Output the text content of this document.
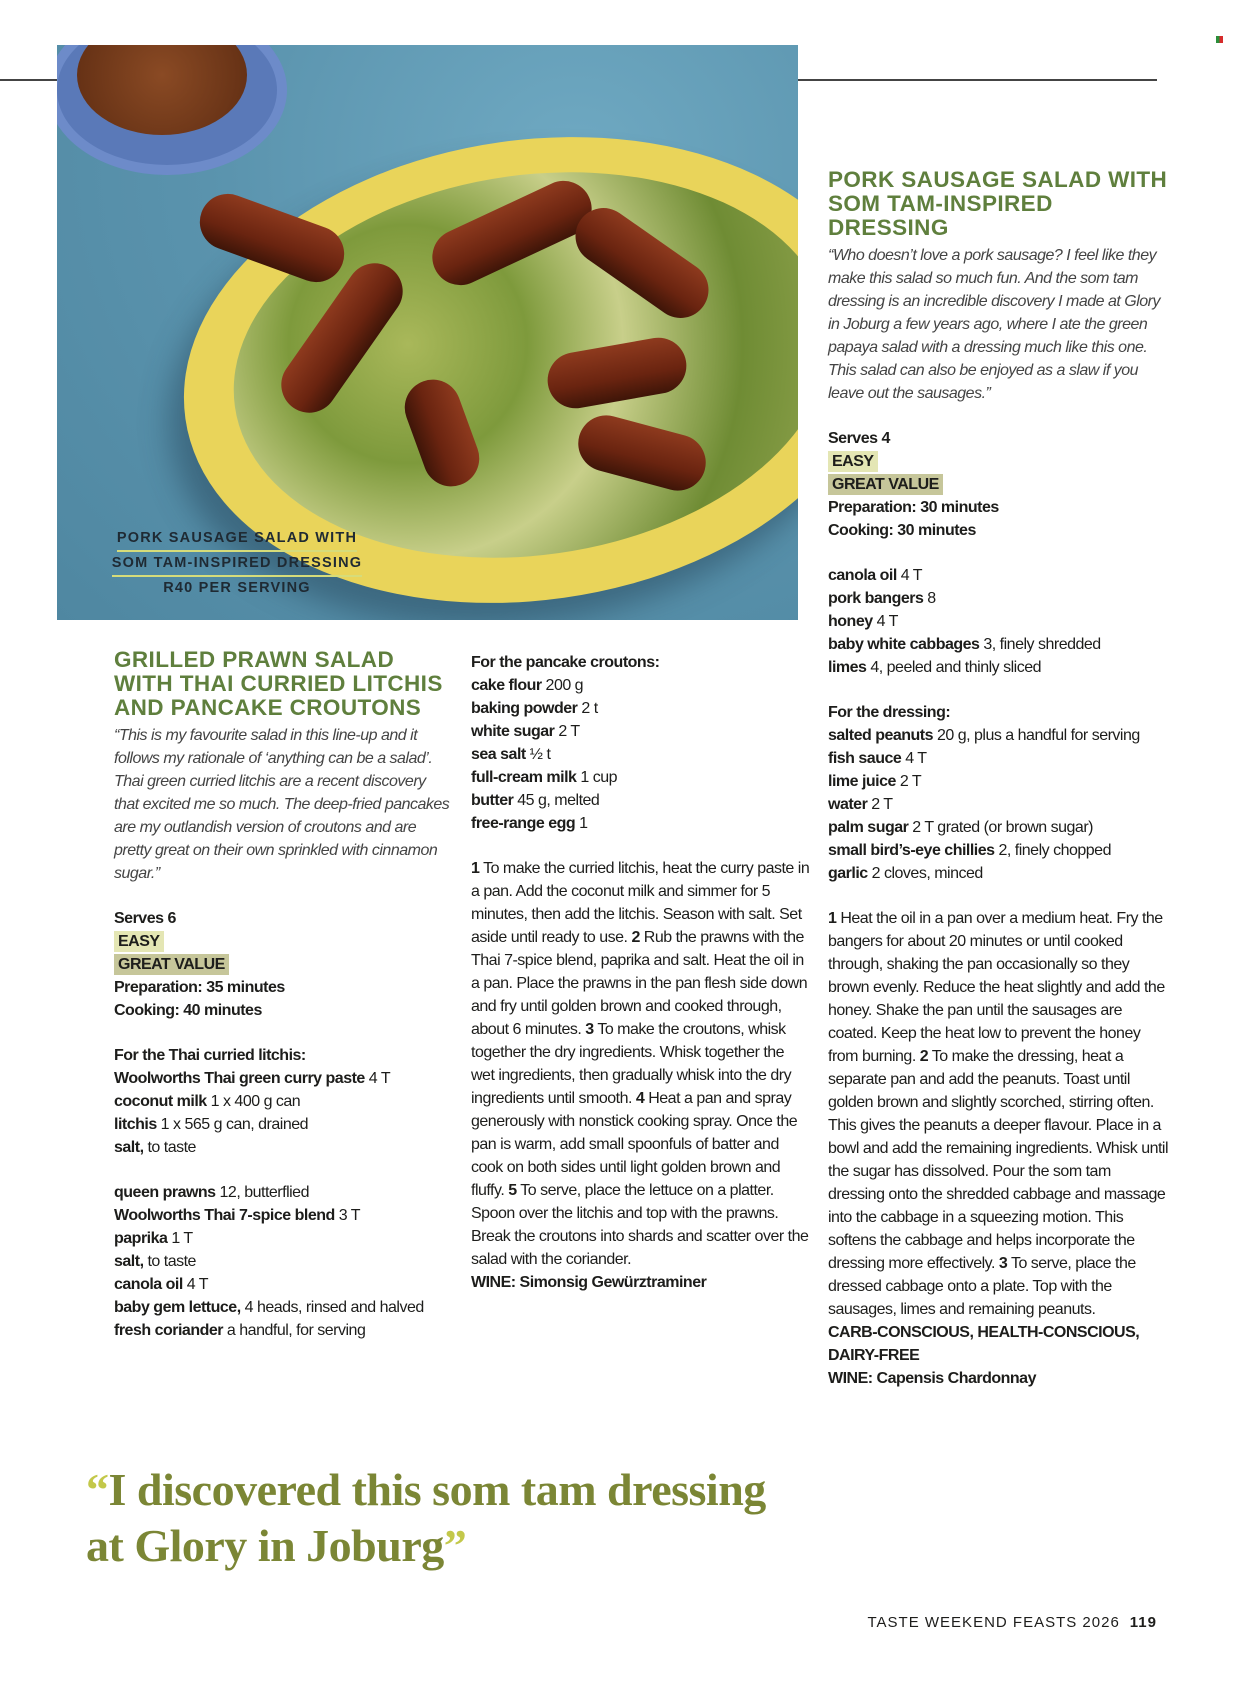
PORK SAUSAGE SALAD WITH
SOM TAM-INSPIRED DRESSING
R40 PER SERVING
GRILLED PRAWN SALAD WITH THAI CURRIED LITCHIS AND PANCAKE CROUTONS

“This is my favourite salad in this line-up and it follows my rationale of ‘anything can be a salad’. Thai green curried litchis are a recent discovery that excited me so much. The deep-fried pancakes are my outlandish version of croutons and are pretty great on their own sprinkled with cinnamon sugar.”

Serves 6
EASY
GREAT VALUE
Preparation: 35 minutes
Cooking: 40 minutes
For the Thai curried litchis:
Woolworths Thai green curry paste 4 T
coconut milk 1 x 400 g can
litchis 1 x 565 g can, drained
salt, to taste
queen prawns 12, butterflied
Woolworths Thai 7-spice blend 3 T
paprika 1 T
salt, to taste
canola oil 4 T
baby gem lettuce, 4 heads, rinsed and halved
fresh coriander a handful, for serving
For the pancake croutons:
cake flour 200 g
baking powder 2 t
white sugar 2 T
sea salt ½ t
full-cream milk 1 cup
butter 45 g, melted
free-range egg 1

1 To make the curried litchis, heat the curry paste in a pan. Add the coconut milk and simmer for 5 minutes, then add the litchis. Season with salt. Set aside until ready to use. 2 Rub the prawns with the Thai 7-spice blend, paprika and salt. Heat the oil in a pan. Place the prawns in the pan flesh side down and fry until golden brown and cooked through, about 6 minutes. 3 To make the croutons, whisk together the dry ingredients. Whisk together the wet ingredients, then gradually whisk into the dry ingredients until smooth. 4 Heat a pan and spray generously with nonstick cooking spray. Once the pan is warm, add small spoonfuls of batter and cook on both sides until light golden brown and fluffy. 5 To serve, place the lettuce on a platter. Spoon over the litchis and top with the prawns. Break the croutons into shards and scatter over the salad with the coriander.

WINE: Simonsig Gewürztraminer
PORK SAUSAGE SALAD WITH SOM TAM-INSPIRED DRESSING

“Who doesn’t love a pork sausage? I feel like they make this salad so much fun. And the som tam dressing is an incredible discovery I made at Glory in Joburg a few years ago, where I ate the green papaya salad with a dressing much like this one. This salad can also be enjoyed as a slaw if you leave out the sausages.”

Serves 4
EASY
GREAT VALUE
Preparation: 30 minutes
Cooking: 30 minutes
canola oil 4 T
pork bangers 8
honey 4 T
baby white cabbages 3, finely shredded
limes 4, peeled and thinly sliced
For the dressing:
salted peanuts 20 g, plus a handful for serving
fish sauce 4 T
lime juice 2 T
water 2 T
palm sugar 2 T grated (or brown sugar)
small bird’s-eye chillies 2, finely chopped
garlic 2 cloves, minced

1 Heat the oil in a pan over a medium heat. Fry the bangers for about 20 minutes or until cooked through, shaking the pan occasionally so they brown evenly. Reduce the heat slightly and add the honey. Shake the pan until the sausages are coated. Keep the heat low to prevent the honey from burning. 2 To make the dressing, heat a separate pan and add the peanuts. Toast until golden brown and slightly scorched, stirring often. This gives the peanuts a deeper flavour. Place in a bowl and add the remaining ingredients. Whisk until the sugar has dissolved. Pour the som tam dressing onto the shredded cabbage and massage into the cabbage in a squeezing motion. This softens the cabbage and helps incorporate the dressing more effectively. 3 To serve, place the dressed cabbage onto a plate. Top with the sausages, limes and remaining peanuts.

CARB-CONSCIOUS, HEALTH-CONSCIOUS, DAIRY-FREE
WINE: Capensis Chardonnay
“I discovered this som tam dressing at Glory in Joburg”
TASTE WEEKEND FEASTS 2026 119
